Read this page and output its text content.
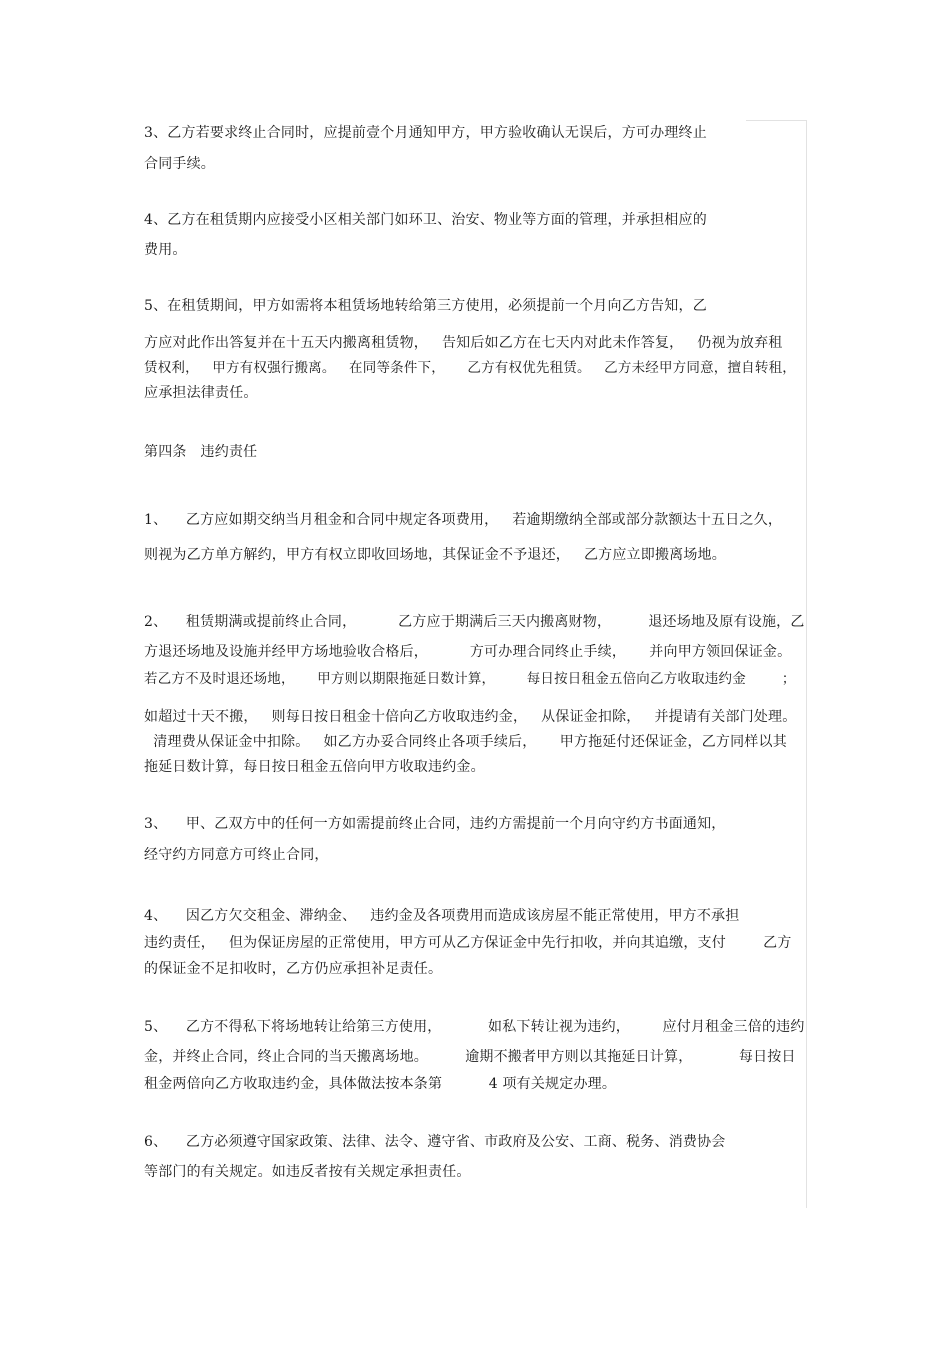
3、乙方若要求终止合同时，应提前壹个月通知甲方，甲方验收确认无误后，方可办理终止
合同手续。
4、乙方在租赁期内应接受小区相关部门如环卫、治安、物业等方面的管理，并承担相应的
费用。
5、在租赁期间，甲方如需将本租赁场地转给第三方使用，必须提前一个月向乙方告知，乙
方应对此作出答复并在十五天内搬离租赁物，   告知后如乙方在七天内对此未作答复，   仍视为放弃租
赁权利，   甲方有权强行搬离。   在同等条件下，     乙方有权优先租赁。   乙方未经甲方同意，擅自转租，
应承担法律责任。
第四条   违约责任
1、    乙方应如期交纳当月租金和合同中规定各项费用，   若逾期缴纳全部或部分款额达十五日之久，
则视为乙方单方解约，甲方有权立即收回场地，其保证金不予退还，   乙方应立即搬离场地。
2、    租赁期满或提前终止合同，         乙方应于期满后三天内搬离财物，        退还场地及原有设施，乙
方退还场地及设施并经甲方场地验收合格后，         方可办理合同终止手续，     并向甲方领回保证金。
若乙方不及时退还场地，     甲方则以期限拖延日数计算，       每日按日租金五倍向乙方收取违约金        ；
如超过十天不搬，   则每日按日租金十倍向乙方收取违约金，   从保证金扣除，   并提请有关部门处理。
清理费从保证金中扣除。   如乙方办妥合同终止各项手续后，     甲方拖延付还保证金，乙方同样以其
拖延日数计算，每日按日租金五倍向甲方收取违约金。
3、    甲、乙双方中的任何一方如需提前终止合同，违约方需提前一个月向守约方书面通知，
经守约方同意方可终止合同，
4、    因乙方欠交租金、滞纳金、   违约金及各项费用而造成该房屋不能正常使用，甲方不承担
违约责任，   但为保证房屋的正常使用，甲方可从乙方保证金中先行扣收，并向其追缴，支付        乙方
的保证金不足扣收时，乙方仍应承担补足责任。
5、    乙方不得私下将场地转让给第三方使用，          如私下转让视为违约，       应付月租金三倍的违约
金，并终止合同，终止合同的当天搬离场地。        逾期不搬者甲方则以其拖延日计算，          每日按日
租金两倍向乙方收取违约金，具体做法按本条第          4 项有关规定办理。
6、    乙方必须遵守国家政策、法律、法令、遵守省、市政府及公安、工商、税务、消费协会
等部门的有关规定。如违反者按有关规定承担责任。
